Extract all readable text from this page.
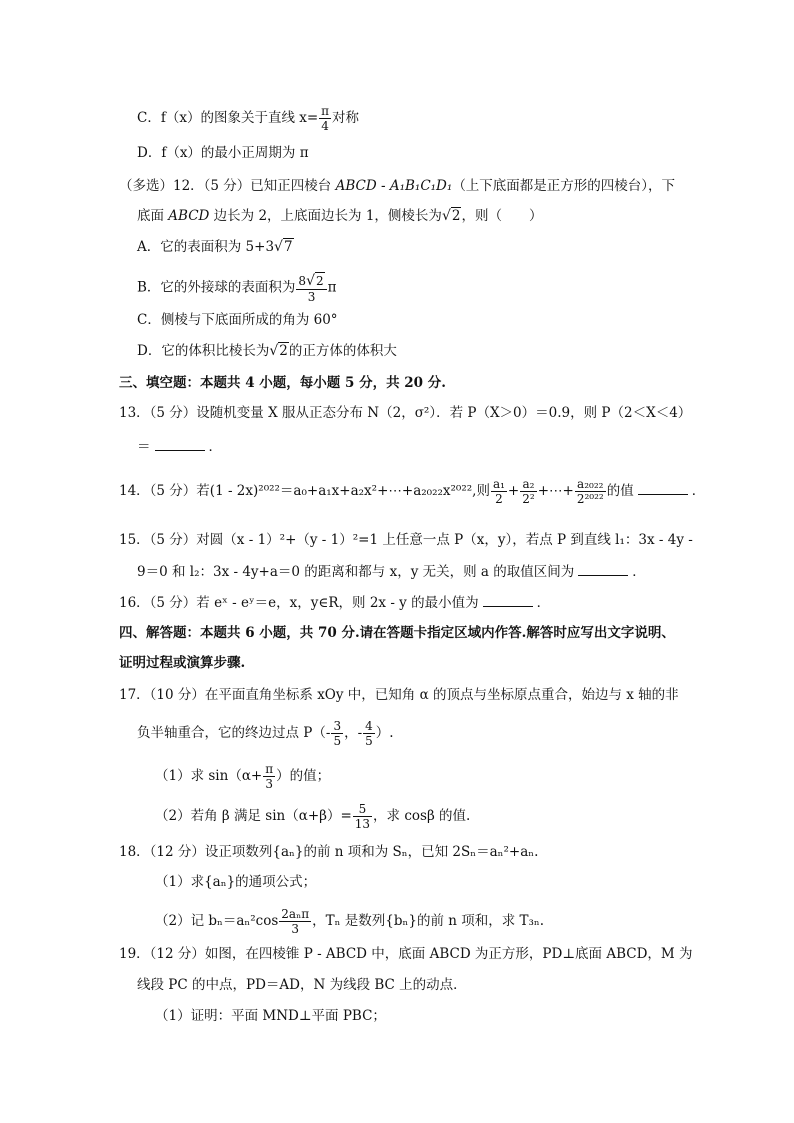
C．f（x）的图象关于直线 $x= \frac{\pi}{4}$ 对称
D．f（x）的最小正周期为 π
（多选）12．（5 分）已知正四棱台 ABCD - A₁B₁C₁D₁（上下底面都是正方形的四棱台），下
底面 ABCD 边长为 2，上底面边长为 1，侧棱长为√2，则（　　）
A．它的表面积为 5+3√7
B．它的外接球的表面积为 $\frac{8√2}{3}$ π
C．侧棱与下底面所成的角为 60°
D．它的体积比棱长为√2的正方体的体积大
三、填空题：本题共 4 小题，每小题 5 分，共 20 分.
13．（5 分）设随机变量 X 服从正态分布 N（2，σ²）．若 P（X＞0）＝0.9，则 P（2＜X＜4）
＝	．
14．（5 分）若(1 - 2x)²⁰²²＝a₀+a₁x+a₂x²+⋯+a₂₀₂₂x²⁰²²,则 $\frac{\text{a₁}}{2} + \frac{\text{a₂}}{\text{2²}}$ +⋯+ $\frac{\text{a₂₀₂₂}}{\text{2²⁰²²}}$ 的值	．
15．（5 分）对圆（x - 1）²+（y - 1）²=1 上任意一点 P（x，y），若点 P 到直线 l₁：3x - 4y -
9＝0 和 l₂：3x - 4y+a＝0 的距离和都与 x，y 无关，则 a 的取值区间为	．
16．（5 分）若 eˣ - eʸ＝e，x，y∈R，则 2x - y 的最小值为	．
四、解答题：本题共 6 小题，共 70 分.请在答题卡指定区域内作答.解答时应写出文字说明、
证明过程或演算步骤.
17．（10 分）在平面直角坐标系 xOy 中，已知角 α 的顶点与坐标原点重合，始边与 x 轴的非
负半轴重合，它的终边过点 $P(- \frac{3}{5}$ ，- $\frac{4}{5}$ ）.
（1）求 $\sin(\alpha+ \frac{\pi}{3}$ ）的值；
（2）若角 β 满足 $\sin(\alpha+\beta)= \frac{5}{13}$ ，求 cosβ 的值.
18．（12 分）设正项数列{aₙ}的前 n 项和为 Sₙ，已知 2Sₙ＝aₙ²+aₙ.
（1）求{aₙ}的通项公式；
（2）记 $b_n=a_n^2\cos \frac{\text{2aₙπ}}{3}$ ，Tₙ 是数列{bₙ}的前 n 项和，求 T₃ₙ.
19．（12 分）如图，在四棱锥 P - ABCD 中，底面 ABCD 为正方形，PD⊥底面 ABCD，M 为
线段 PC 的中点，PD＝AD，N 为线段 BC 上的动点．
（1）证明：平面 MND⊥平面 PBC；
